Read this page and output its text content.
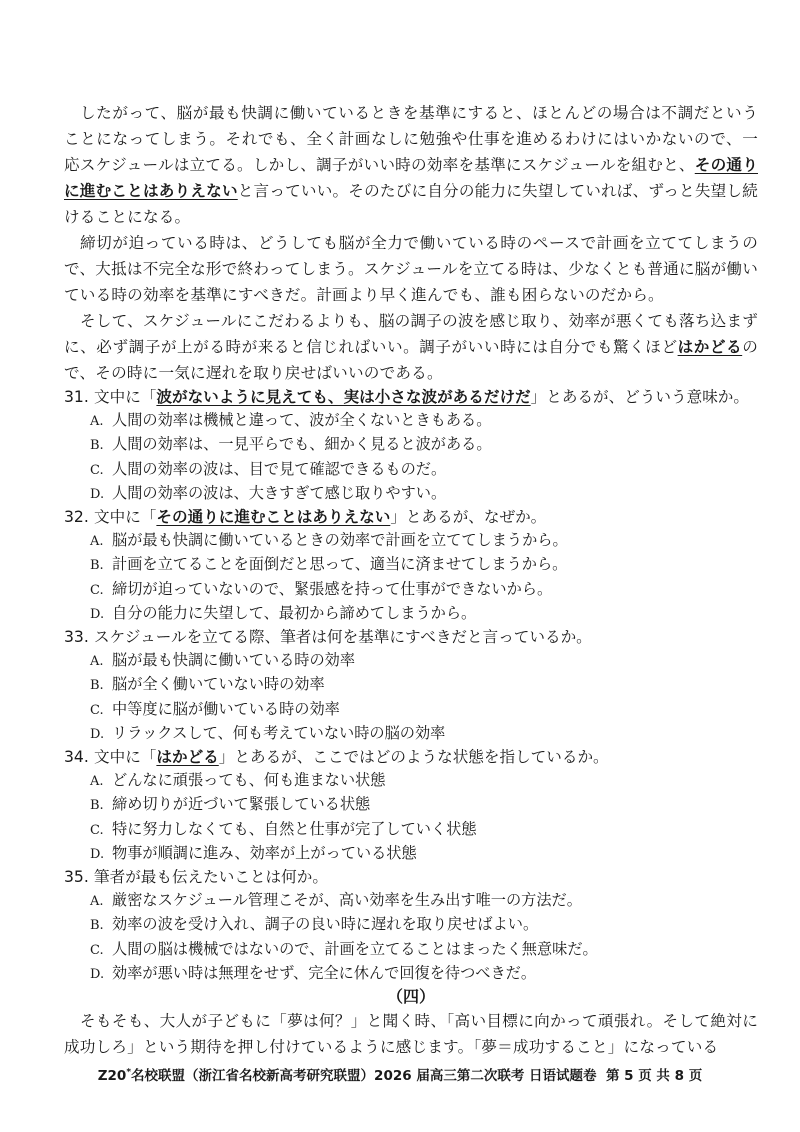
したがって、脳が最も快調に働いているときを基準にすると、ほとんどの場合は不調だということになってしまう。それでも、全く計画なしに勉強や仕事を進めるわけにはいかないので、一応スケジュールは立てる。しかし、調子がいい時の効率を基準にスケジュールを組むと、その通りに進むことはありえないと言っていい。そのたびに自分の能力に失望していれば、ずっと失望し続けることになる。

締切が迫っている時は、どうしても脳が全力で働いている時のペースで計画を立ててしまうので、大抵は不完全な形で終わってしまう。スケジュールを立てる時は、少なくとも普通に脳が働いている時の効率を基準にすべきだ。計画より早く進んでも、誰も困らないのだから。

そして、スケジュールにこだわるよりも、脳の調子の波を感じ取り、効率が悪くても落ち込まずに、必ず調子が上がる時が来ると信じればいい。調子がいい時には自分でも驚くほどはかどるので、その時に一気に遅れを取り戻せばいいのである。

31. 文中に「波がないように見えても、実は小さな波があるだけだ」とあるが、どういう意味か。

A. 人間の効率は機械と違って、波が全くないときもある。

B. 人間の効率は、一見平らでも、細かく見ると波がある。

C. 人間の効率の波は、目で見て確認できるものだ。

D. 人間の効率の波は、大きすぎて感じ取りやすい。

32. 文中に「その通りに進むことはありえない」とあるが、なぜか。

A. 脳が最も快調に働いているときの効率で計画を立ててしまうから。

B. 計画を立てることを面倒だと思って、適当に済ませてしまうから。

C. 締切が迫っていないので、緊張感を持って仕事ができないから。

D. 自分の能力に失望して、最初から諦めてしまうから。

33. スケジュールを立てる際、筆者は何を基準にすべきだと言っているか。

A. 脳が最も快調に働いている時の効率

B. 脳が全く働いていない時の効率

C. 中等度に脳が働いている時の効率

D. リラックスして、何も考えていない時の脳の効率

34. 文中に「はかどる」とあるが、ここではどのような状態を指しているか。

A. どんなに頑張っても、何も進まない状態

B. 締め切りが近づいて緊張している状態

C. 特に努力しなくても、自然と仕事が完了していく状態

D. 物事が順調に進み、効率が上がっている状態

35. 筆者が最も伝えたいことは何か。

A. 厳密なスケジュール管理こそが、高い効率を生み出す唯一の方法だ。

B. 効率の波を受け入れ、調子の良い時に遅れを取り戻せばよい。

C. 人間の脳は機械ではないので、計画を立てることはまったく無意味だ。

D. 効率が悪い時は無理をせず、完全に休んで回復を待つべきだ。

（四）

そもそも、大人が子どもに「夢は何？」と聞く時、「高い目標に向かって頑張れ。そして絶対に成功しろ」という期待を押し付けているように感じます。「夢＝成功すること」になっている

Z20*名校联盟（浙江省名校新高考研究联盟）2026 届高三第二次联考 日语试题卷 第 5 页 共 8 页
